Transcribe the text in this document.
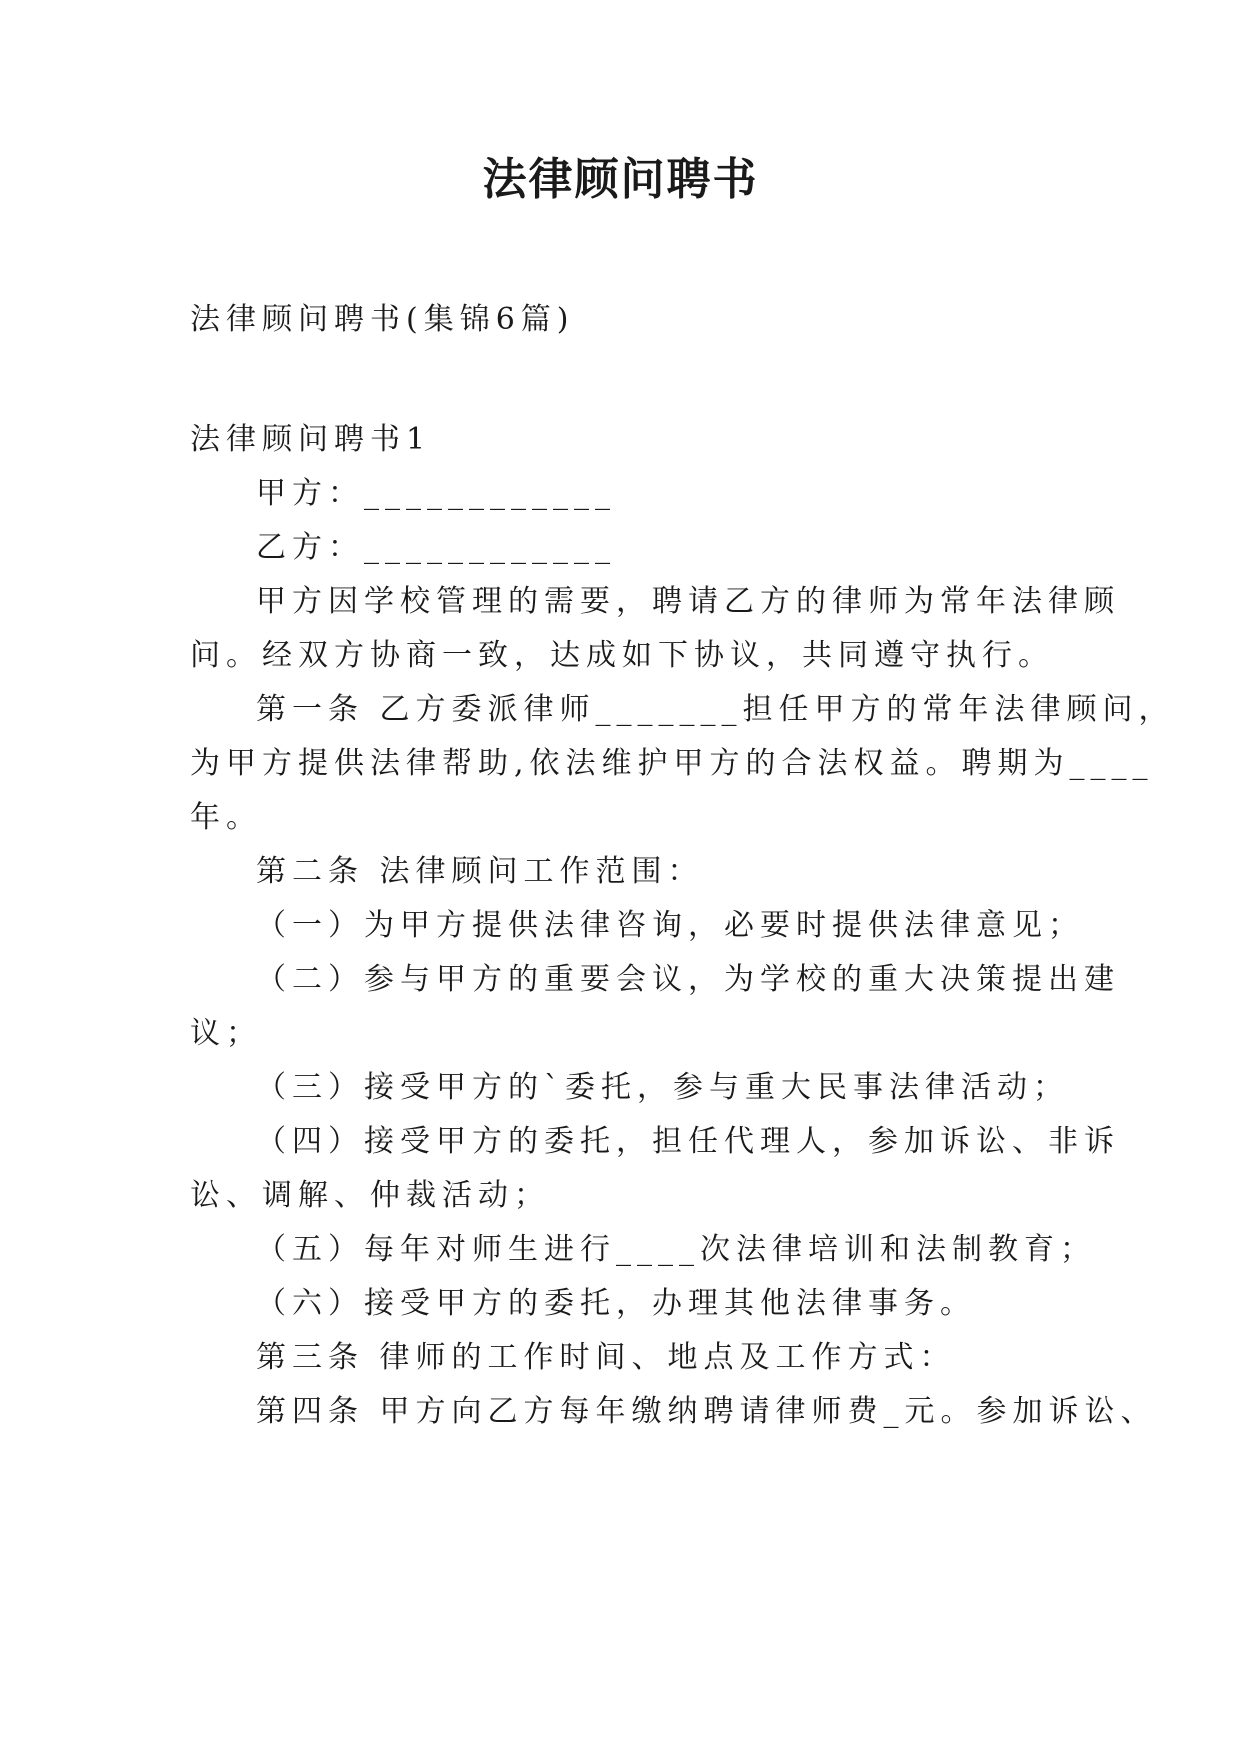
法律顾问聘书
法律顾问聘书(集锦6篇)
法律顾问聘书1
甲方：____________
乙方：____________
甲方因学校管理的需要，聘请乙方的律师为常年法律顾
问。经双方协商一致，达成如下协议，共同遵守执行。
第一条 乙方委派律师_______担任甲方的常年法律顾问，
为甲方提供法律帮助,依法维护甲方的合法权益。聘期为____
年。
第二条 法律顾问工作范围：
（一）为甲方提供法律咨询，必要时提供法律意见；
（二）参与甲方的重要会议，为学校的重大决策提出建
议；
（三）接受甲方的`委托，参与重大民事法律活动；
（四）接受甲方的委托，担任代理人，参加诉讼、非诉
讼、调解、仲裁活动；
（五）每年对师生进行____次法律培训和法制教育；
（六）接受甲方的委托，办理其他法律事务。
第三条 律师的工作时间、地点及工作方式：
第四条 甲方向乙方每年缴纳聘请律师费_元。参加诉讼、
